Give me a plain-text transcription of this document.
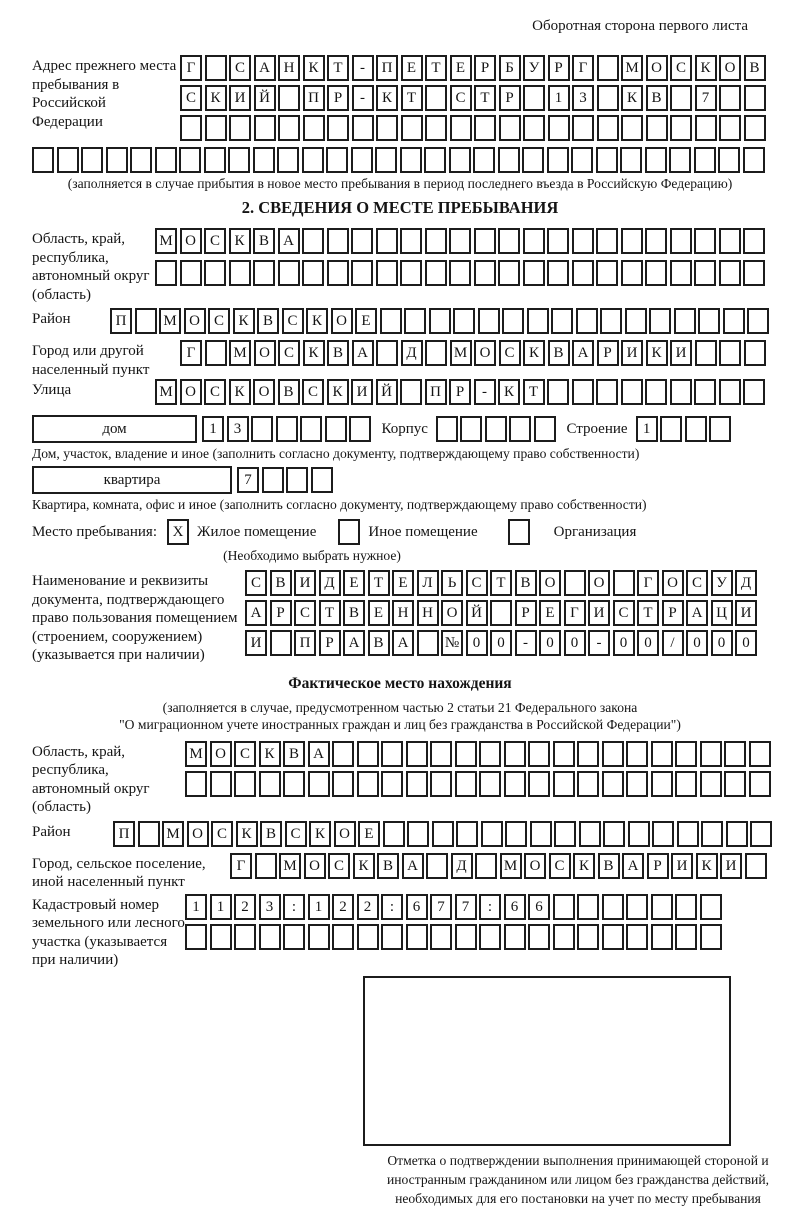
Оборотная сторона первого листа
Адрес прежнего места пребывания в Российской Федерации
Г	С А Н К Т	-	П Е	Т	Е	Р	Б У	Р	Г	М О С К О В
С К И Й	П Р	-	К Т	С Т	Р	1	3	К В	7
(заполняется в случае прибытия в новое место пребывания в период последнего въезда в Российскую Федерацию)
2. СВЕДЕНИЯ О МЕСТЕ ПРЕБЫВАНИЯ
Область, край, республика, автономный округ (область)
М О С К В А
Район	П	М О С К В С К О Е
Город или другой населенный пункт
Г	М О С К В А	Д	М О С К В А Р И К И
Улица	М О С К О В С К И Й	П Р	-	К Т
дом	1	3	Корпус	Строение	1
Дом, участок, владение и иное (заполнить согласно документу, подтверждающему право собственности)
квартира	7
Квартира, комната, офис и иное (заполнить согласно документу, подтверждающему право собственности)
Место пребывания:	X Жилое помещение	Иное помещение	Организация
(Необходимо выбрать нужное)
Наименование и реквизиты документа, подтверждающего право пользования помещением (строением, сооружением) (указывается при наличии)
С В И Д Е	Т	Е Л	Ь	С Т В О	О	Г О С У Д
А Р	С Т В Е Н Н О Й	Р	Е	Г И С Т	Р А Ц И
И	П Р А В А	№ 0	0	-	0	0	-	0	0	/	0	0	0
Фактическое место нахождения
(заполняется в случае, предусмотренном частью 2 статьи 21 Федерального закона
"О миграционном учете иностранных граждан и лиц без гражданства в Российской Федерации")
Область, край, республика, автономный округ (область)
М О С К В А
Район	П	М О С К В С К О Е
Город, сельское поселение, иной населенный пункт
Г	М О С К В А	Д	М О С К В А Р И К И
Кадастровый номер земельного или лесного участка (указывается при наличии)
1	1	2	3	:	1	2	2	:	6	7	7	:	6	6
Отметка о подтверждении выполнения принимающей стороной и иностранным гражданином или лицом без гражданства действий, необходимых для его постановки на учет по месту пребывания
